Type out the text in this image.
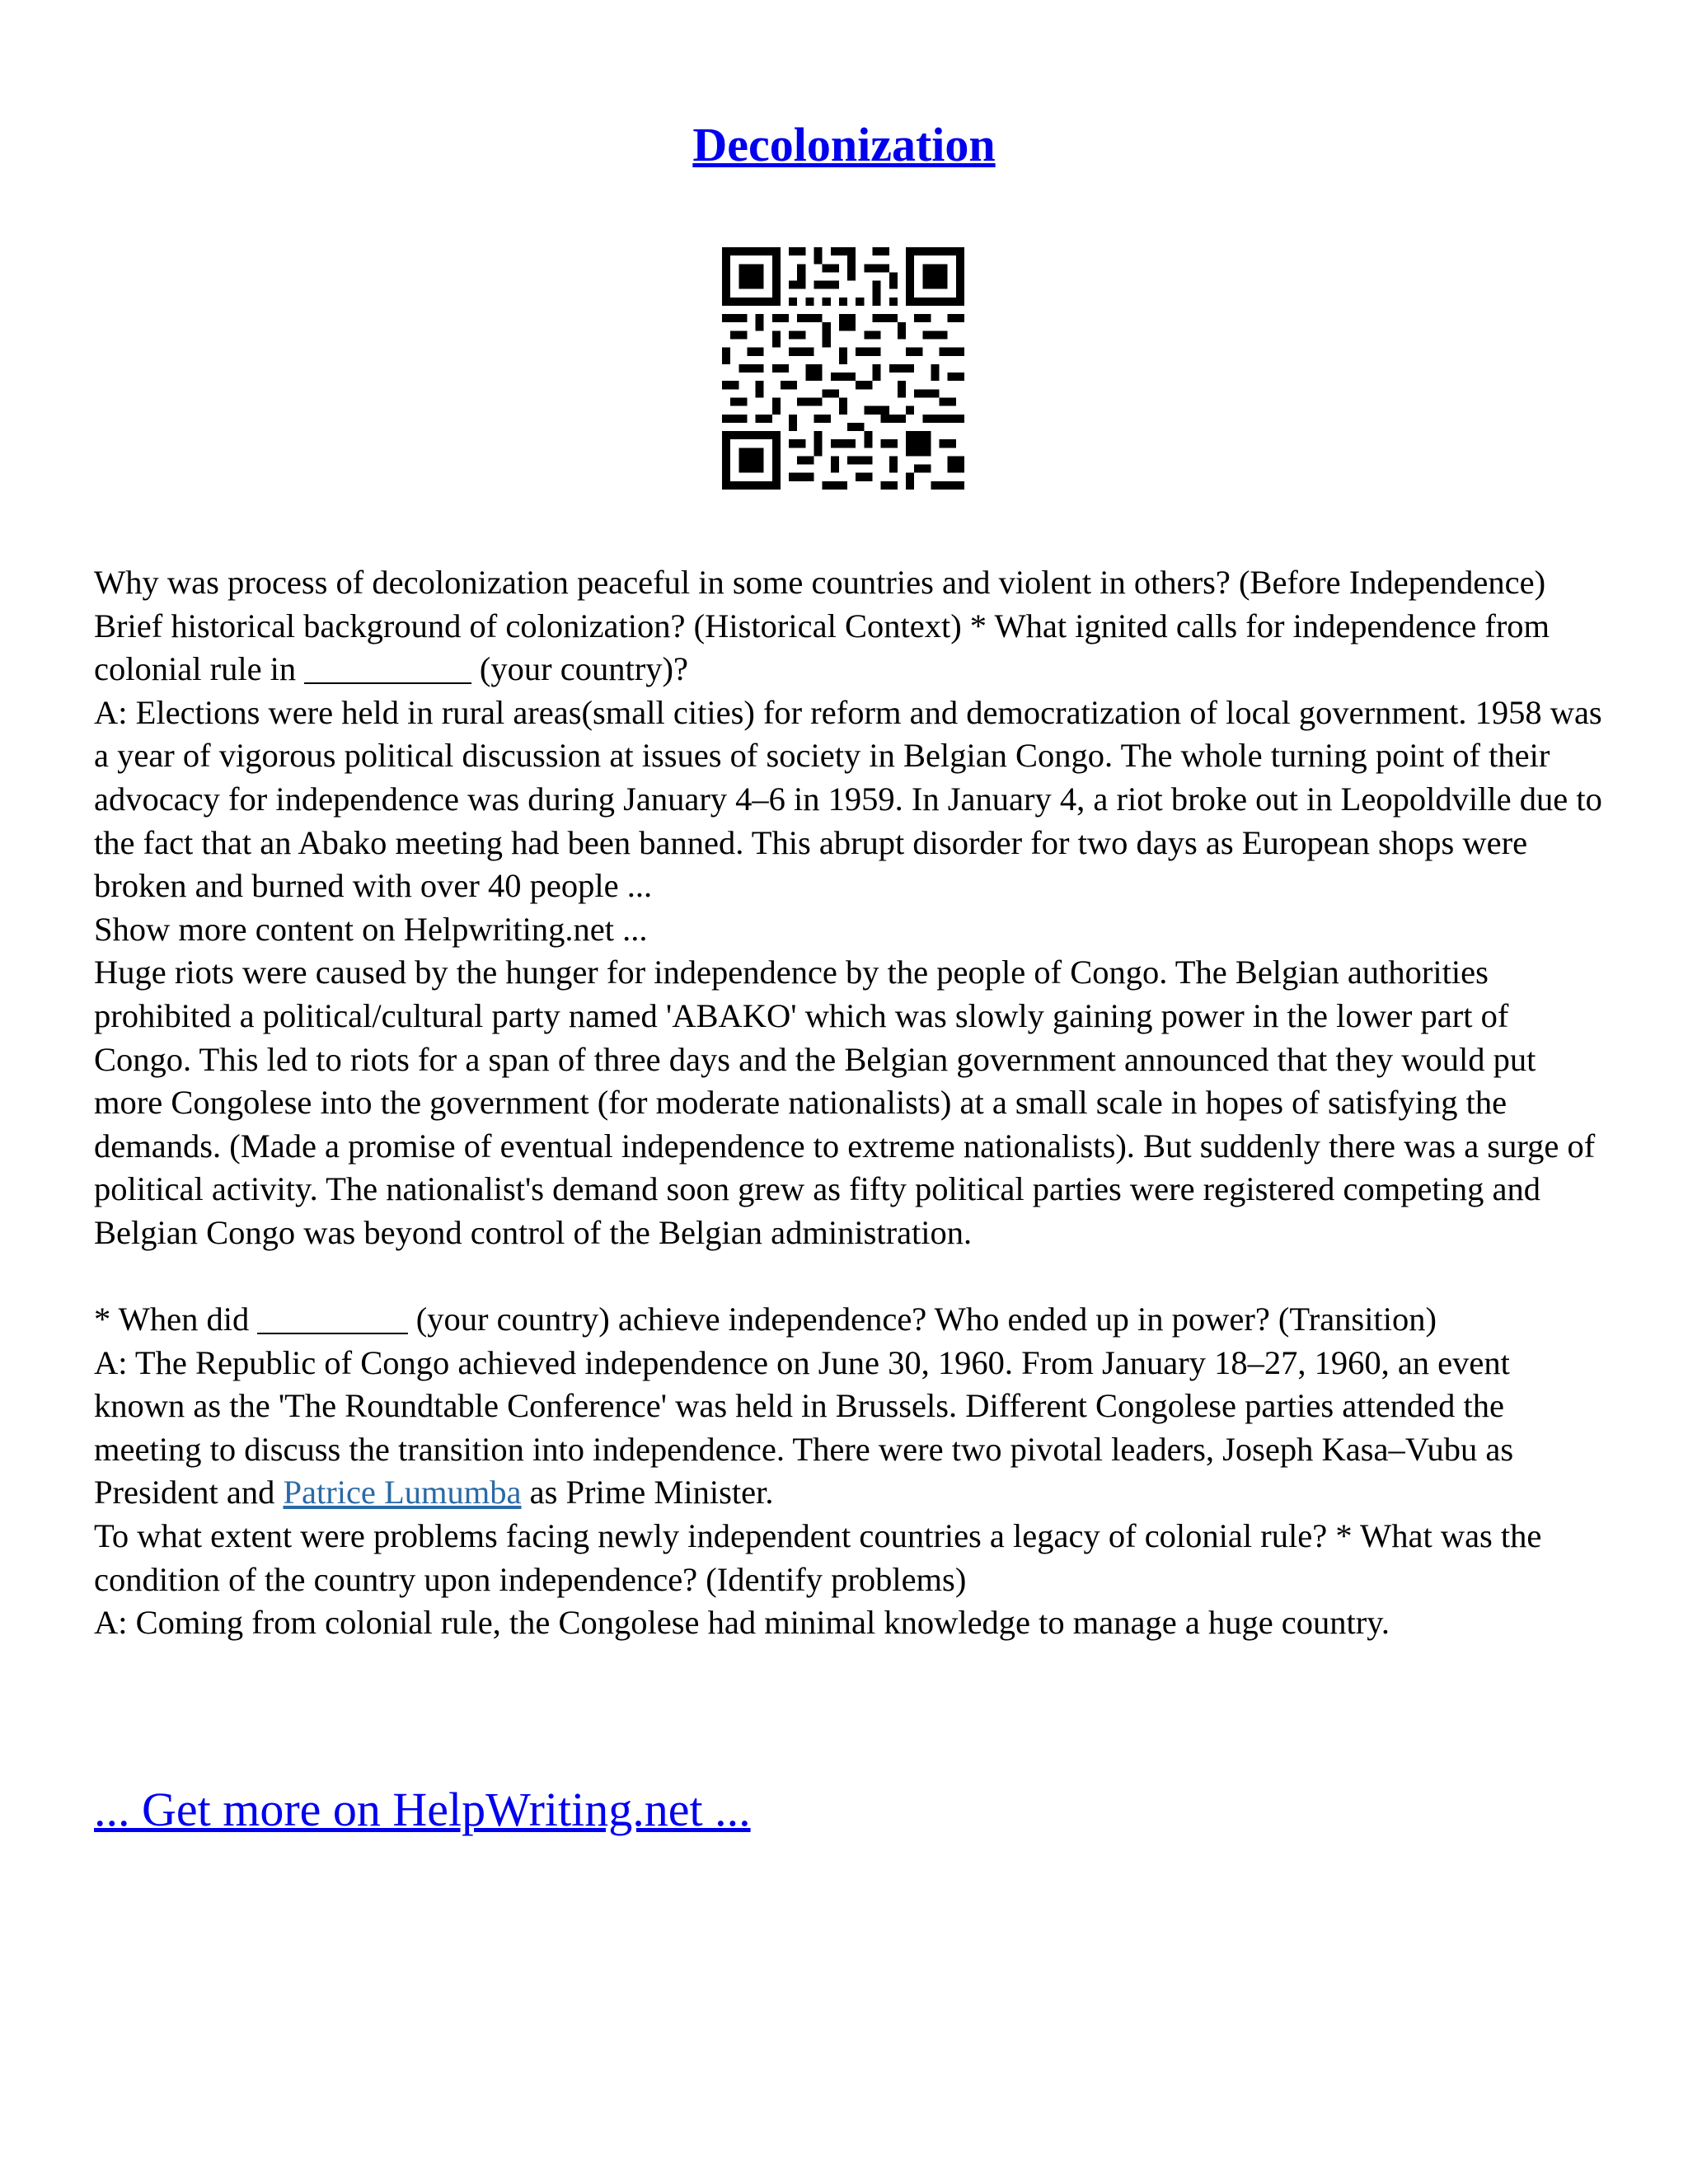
Decolonization

Why was process of decolonization peaceful in some countries and violent in others? (Before Independence)

Brief historical background of colonization? (Historical Context) * What ignited calls for independence from colonial rule in __________ (your country)?

A: Elections were held in rural areas(small cities) for reform and democratization of local government. 1958 was a year of vigorous political discussion at issues of society in Belgian Congo. The whole turning point of their advocacy for independence was during January 4–6 in 1959. In January 4, a riot broke out in Leopoldville due to the fact that an Abako meeting had been banned. This abrupt disorder for two days as European shops were broken and burned with over 40 people ...

Show more content on Helpwriting.net ...

Huge riots were caused by the hunger for independence by the people of Congo. The Belgian authorities prohibited a political/cultural party named 'ABAKO' which was slowly gaining power in the lower part of Congo. This led to riots for a span of three days and the Belgian government announced that they would put more Congolese into the government (for moderate nationalists) at a small scale in hopes of satisfying the demands. (Made a promise of eventual independence to extreme nationalists). But suddenly there was a surge of political activity. The nationalist's demand soon grew as fifty political parties were registered competing and Belgian Congo was beyond control of the Belgian administration.

* When did _________ (your country) achieve independence? Who ended up in power? (Transition)

A: The Republic of Congo achieved independence on June 30, 1960. From January 18–27, 1960, an event known as the 'The Roundtable Conference' was held in Brussels. Different Congolese parties attended the meeting to discuss the transition into independence. There were two pivotal leaders, Joseph Kasa–Vubu as President and Patrice Lumumba as Prime Minister.

To what extent were problems facing newly independent countries a legacy of colonial rule? * What was the condition of the country upon independence? (Identify problems)

A: Coming from colonial rule, the Congolese had minimal knowledge to manage a huge country.

... Get more on HelpWriting.net ...
